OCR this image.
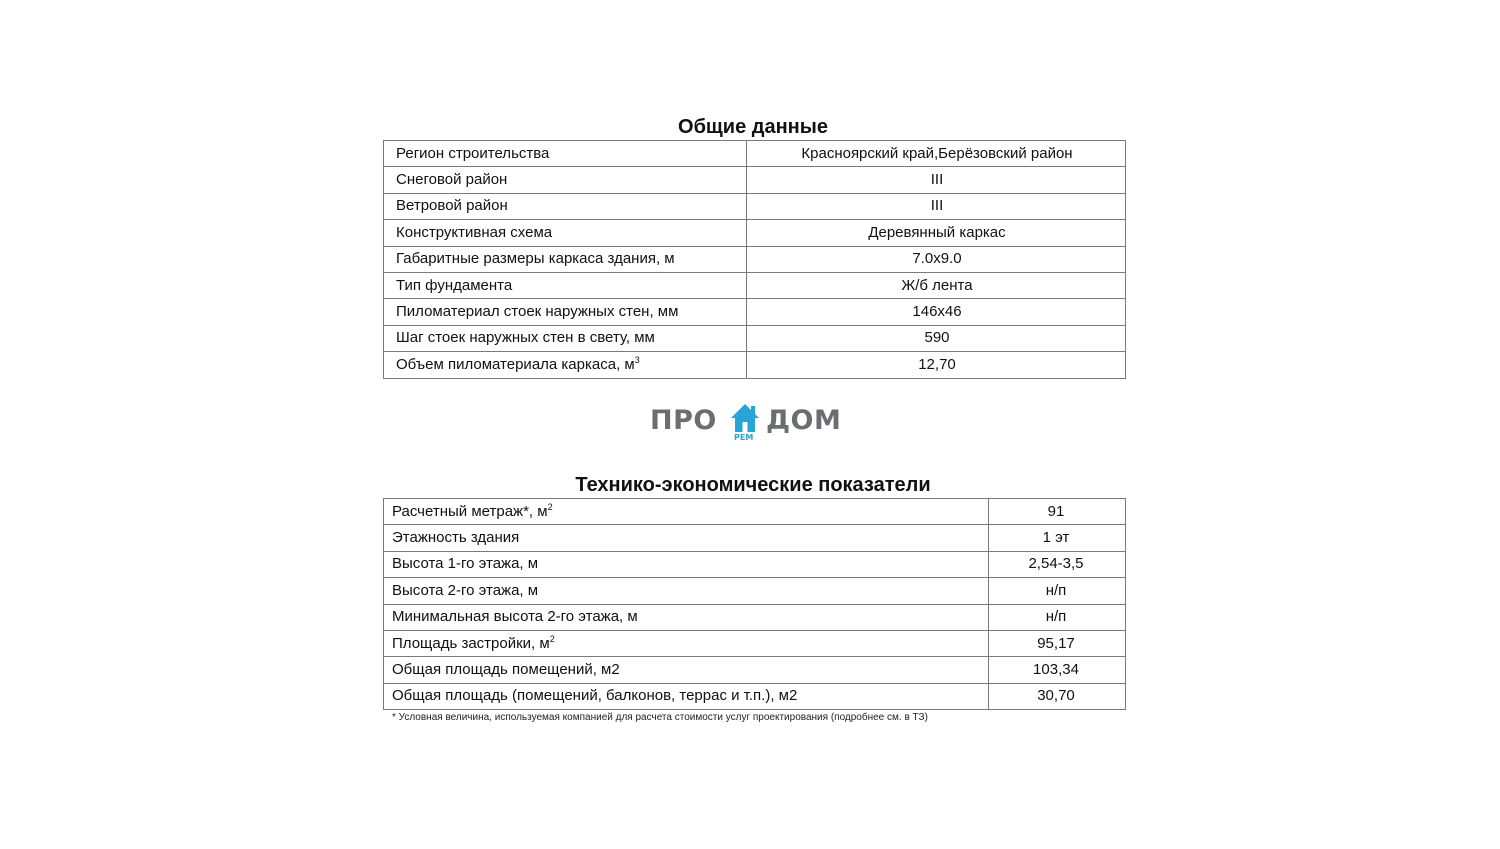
Общие данные
Регион строительства	Красноярский край,Берёзовский район
Снеговой район	III
Ветровой район	III
Конструктивная схема	Деревянный каркас
Габаритные размеры каркаса здания, м	7.0х9.0
Тип фундамента	Ж/б лента
Пиломатериал стоек наружных стен, мм	146х46
Шаг стоек наружных стен в свету, мм	590
Объем пиломатериала каркаса, $м^3$	12,70
ПРО
РЕМ
ДОМ
Технико-экономические показатели
Расчетный метраж*, $м^2$	91
Этажность здания	1 эт
Высота 1-го этажа, м	2,54-3,5
Высота 2-го этажа, м	н/п
Минимальная высота 2-го этажа, м	н/п
Площадь застройки, $м^2$	95,17
Общая площадь помещений, м2	103,34
Общая площадь (помещений, балконов, террас и т.п.), м2	30,70
* Условная величина, используемая компанией для расчета стоимости услуг проектирования (подробнее см. в ТЗ)
